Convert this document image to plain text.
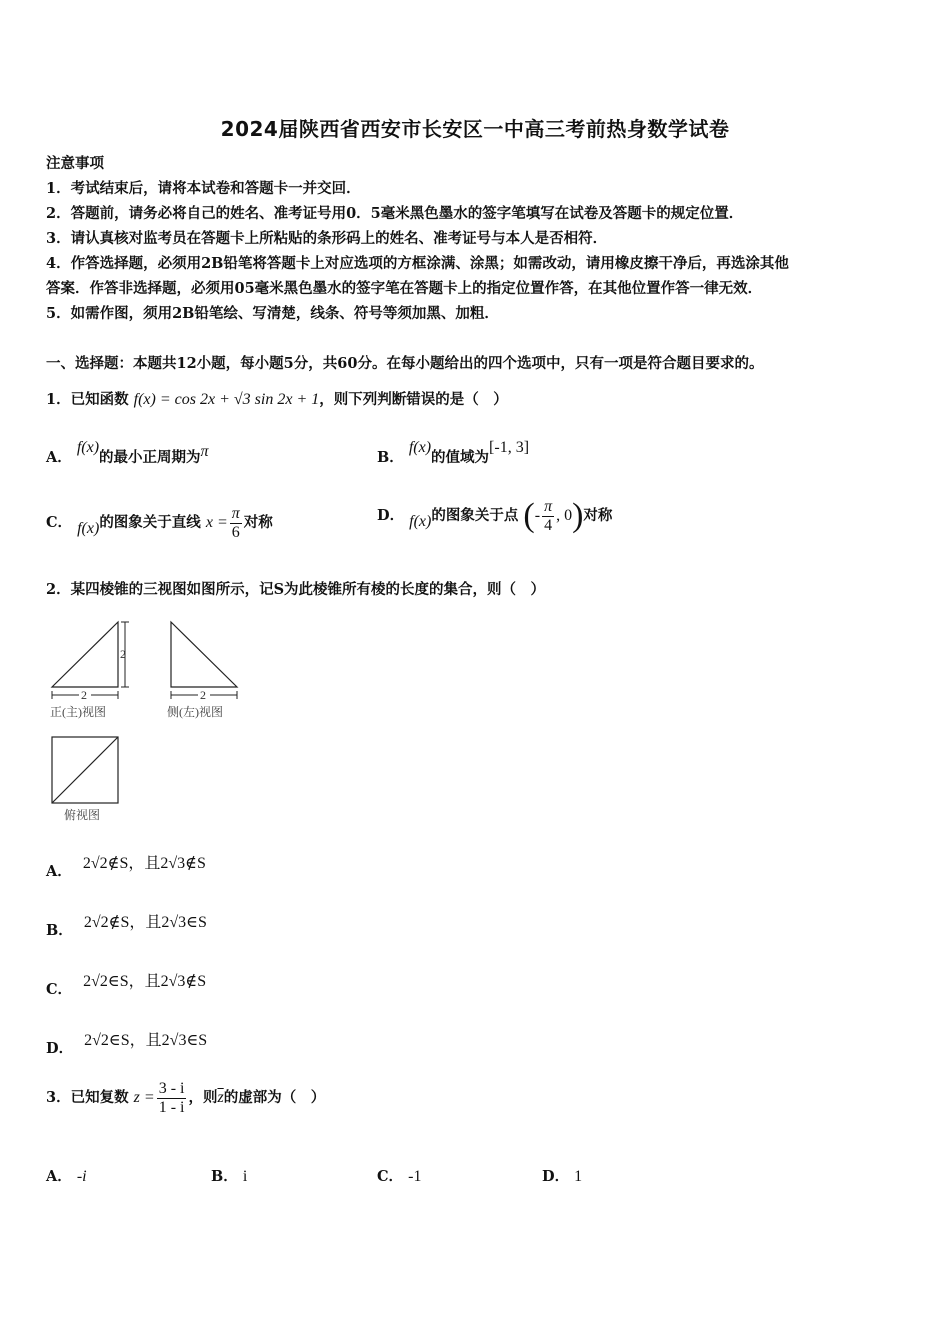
2024届陕西省西安市长安区一中高三考前热身数学试卷
注意事项
1．考试结束后，请将本试卷和答题卡一并交回．
2．答题前，请务必将自己的姓名、准考证号用0．5毫米黑色墨水的签字笔填写在试卷及答题卡的规定位置．
3．请认真核对监考员在答题卡上所粘贴的条形码上的姓名、准考证号与本人是否相符．
4．作答选择题，必须用2B铅笔将答题卡上对应选项的方框涂满、涂黑；如需改动，请用橡皮擦干净后，再选涂其他
答案．作答非选择题，必须用05毫米黑色墨水的签字笔在答题卡上的指定位置作答，在其他位置作答一律无效．
5．如需作图，须用2B铅笔绘、写清楚，线条、符号等须加黑、加粗．
一、选择题：本题共12小题，每小题5分，共60分。在每小题给出的四个选项中，只有一项是符合题目要求的。
1．已知函数 f(x) = cos 2x + √3 sin 2x + 1，则下列判断错误的是（　）
A． f(x)的最小正周期为π	B． f(x)的值域为[-1, 3]
C． f(x)的图象关于直线 $x = \frac{\pi}{6}$ 对称	D． f(x)的图象关于点 (- $\frac{\pi}{4}$ , 0)对称
2．某四棱锥的三视图如图所示，记S为此棱锥所有棱的长度的集合，则（　）
2
2
正(主)视图
2
侧(左)视图
俯视图
A． 2√2∉S，且2√3∉S
B． 2√2∉S，且2√3∈S
C． 2√2∈S，且2√3∉S
D． 2√2∈S，且2√3∈S
3．已知复数 $z = \frac{3 - i}{1 - i}$ ，则$\overline{z}$的虚部为（　）
A． -i	B． i	C． -1	D． 1
